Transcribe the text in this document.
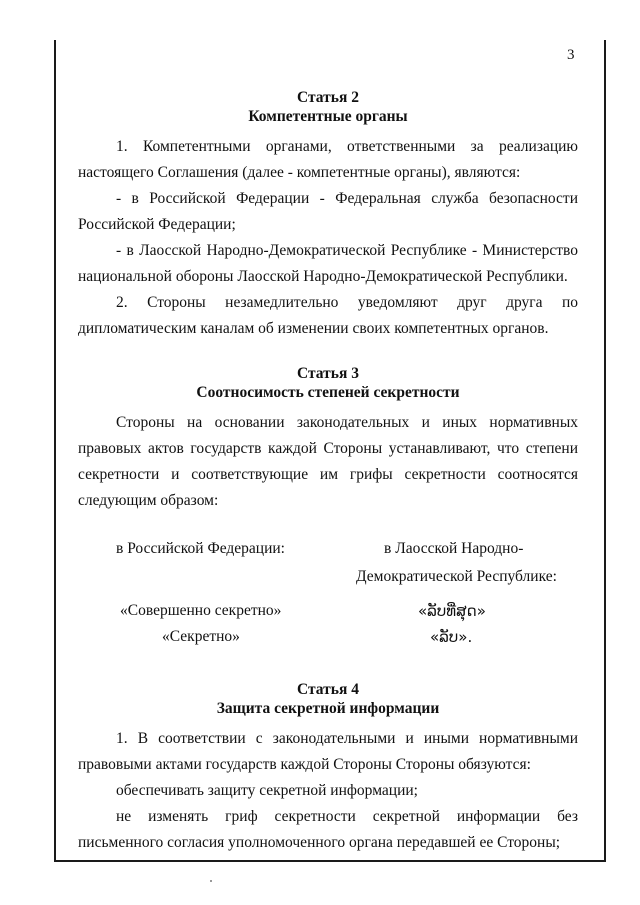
3
Статья 2
Компетентные органы

1. Компетентными органами, ответственными за реализацию

настоящего Соглашения (далее - компетентные органы), являются:

- в Российской Федерации - Федеральная служба безопасности

Российской Федерации;

- в Лаосской Народно-Демократической Республике - Министерство

национальной обороны Лаосской Народно-Демократической Республики.

2. Стороны незамедлительно уведомляют друг друга по

дипломатическим каналам об изменении своих компетентных органов.

Статья 3
Соотносимость степеней секретности

Стороны на основании законодательных и иных нормативных

правовых актов государств каждой Стороны устанавливают, что степени

секретности и соответствующие им грифы секретности соотносятся

следующим образом:

в Российской Федерации:	в Лаосской Народно-
Демократической Республике:
«Совершенно секретно»
«Секретно»
«ລັບທີ່ສຸດ»
«ລັບ».
Статья 4
Защита секретной информации

1. В соответствии с законодательными и иными нормативными

правовыми актами государств каждой Стороны Стороны обязуются:

обеспечивать защиту секретной информации;

не изменять гриф секретности секретной информации без

письменного согласия уполномоченного органа передавшей ее Стороны;
